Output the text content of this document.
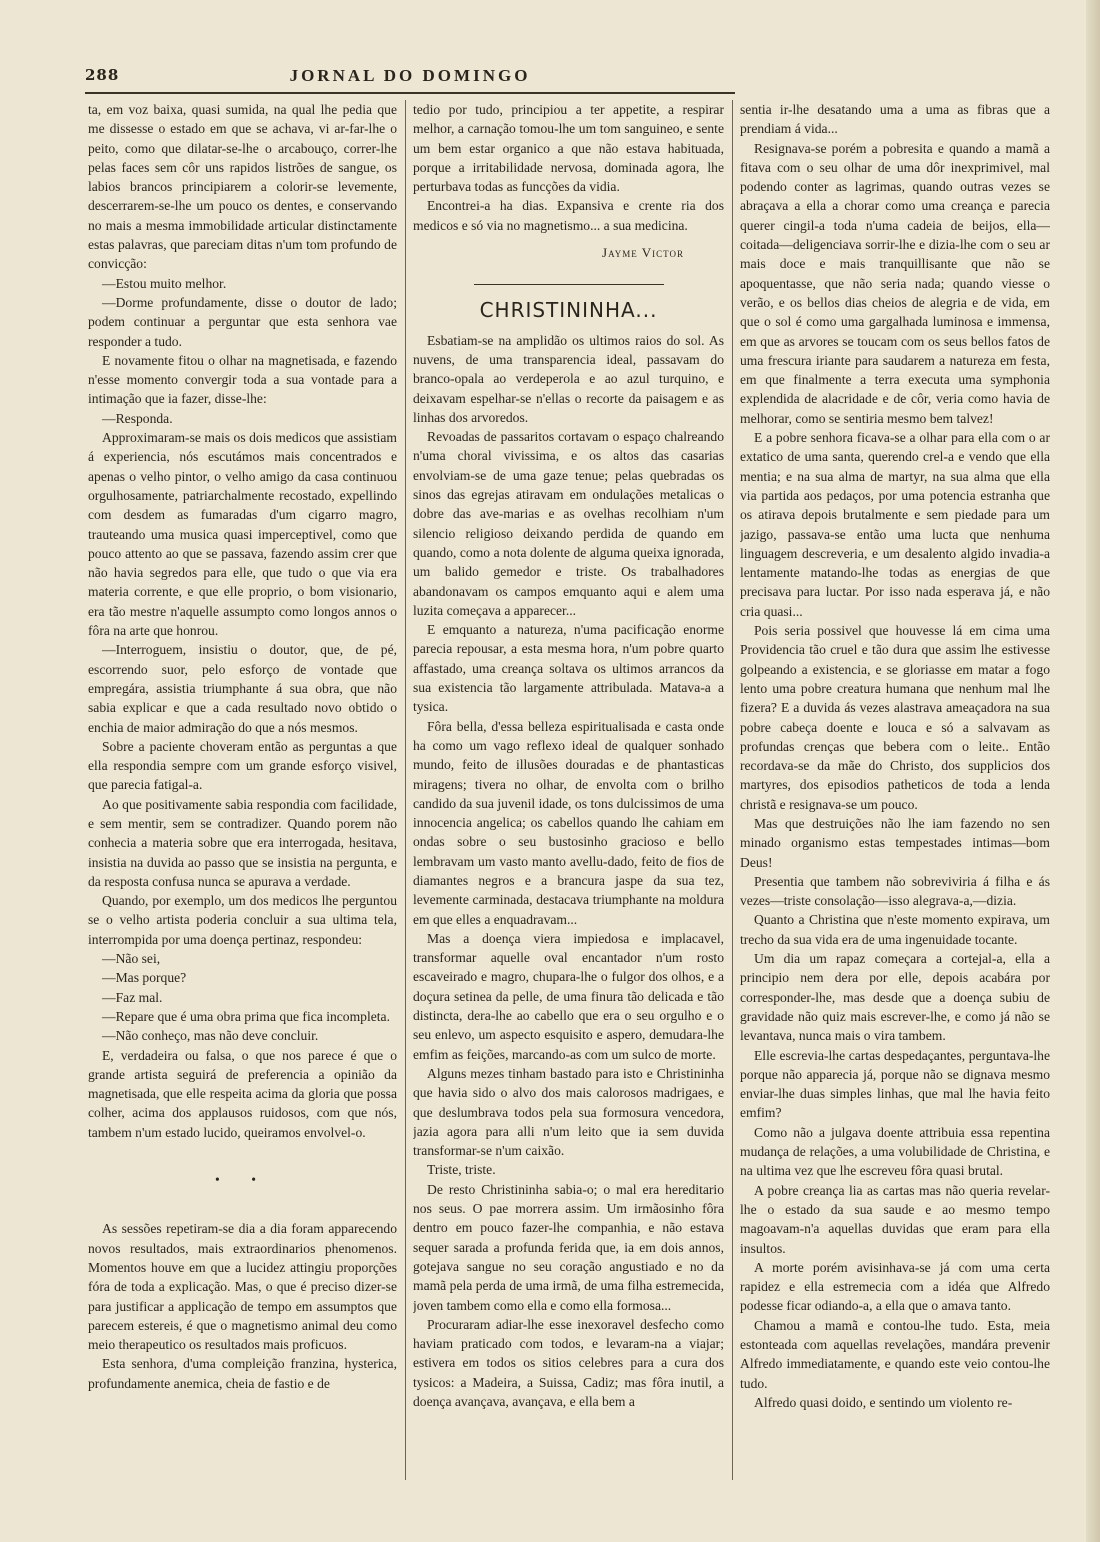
288	JORNAL DO DOMINGO

ta, em voz baixa, quasi sumida, na qual lhe pedia que me dissesse o estado em que se achava, vi ar-far-lhe o peito, como que dilatar-se-lhe o arcabouço, correr-lhe pelas faces sem côr uns rapidos listrões de sangue, os labios brancos principiarem a colorir-se levemente, descerrarem-se-lhe um pouco os dentes, e conservando no mais a mesma immobilidade articular distinctamente estas palavras, que pareciam ditas n'um tom profundo de convicção:

—Estou muito melhor.

—Dorme profundamente, disse o doutor de lado; podem continuar a perguntar que esta senhora vae responder a tudo.

E novamente fitou o olhar na magnetisada, e fazendo n'esse momento convergir toda a sua vontade para a intimação que ia fazer, disse-lhe:

—Responda.

Approximaram-se mais os dois medicos que assistiam á experiencia, nós escutámos mais concentrados e apenas o velho pintor, o velho amigo da casa continuou orgulhosamente, patriarchalmente recostado, expellindo com desdem as fumaradas d'um cigarro magro, trauteando uma musica quasi imperceptivel, como que pouco attento ao que se passava, fazendo assim crer que não havia segredos para elle, que tudo o que via era materia corrente, e que elle proprio, o bom visionario, era tão mestre n'aquelle assumpto como longos annos o fôra na arte que honrou.

—Interroguem, insistiu o doutor, que, de pé, escorrendo suor, pelo esforço de vontade que empregára, assistia triumphante á sua obra, que não sabia explicar e que a cada resultado novo obtido o enchia de maior admiração do que a nós mesmos.

Sobre a paciente choveram então as perguntas a que ella respondia sempre com um grande esforço visivel, que parecia fatigal-a.

Ao que positivamente sabia respondia com facilidade, e sem mentir, sem se contradizer. Quando porem não conhecia a materia sobre que era interrogada, hesitava, insistia na duvida ao passo que se insistia na pergunta, e da resposta confusa nunca se apurava a verdade.

Quando, por exemplo, um dos medicos lhe perguntou se o velho artista poderia concluir a sua ultima tela, interrompida por uma doença pertinaz, respondeu:

—Não sei,

—Mas porque?

—Faz mal.

—Repare que é uma obra prima que fica incompleta.

—Não conheço, mas não deve concluir.

E, verdadeira ou falsa, o que nos parece é que o grande artista seguirá de preferencia a opinião da magnetisada, que elle respeita acima da gloria que possa colher, acima dos applausos ruidosos, com que nós, tambem n'um estado lucido, queiramos envolvel-o.

• •

As sessões repetiram-se dia a dia foram apparecendo novos resultados, mais extraordinarios phenomenos. Momentos houve em que a lucidez attingiu proporções fóra de toda a explicação. Mas, o que é preciso dizer-se para justificar a applicação de tempo em assumptos que parecem estereis, é que o magnetismo animal deu como meio therapeutico os resultados mais proficuos.

Esta senhora, d'uma compleição franzina, hysterica, profundamente anemica, cheia de fastio e de

tedio por tudo, principiou a ter appetite, a respirar melhor, a carnação tomou-lhe um tom sanguineo, e sente um bem estar organico a que não estava habituada, porque a irritabilidade nervosa, dominada agora, lhe perturbava todas as funcções da vidia.

Encontrei-a ha dias. Expansiva e crente ria dos medicos e só via no magnetismo... a sua medicina.

Jayme Victor
CHRISTININHA...

Esbatiam-se na amplidão os ultimos raios do sol. As nuvens, de uma transparencia ideal, passavam do branco-opala ao verdeperola e ao azul turquino, e deixavam espelhar-se n'ellas o recorte da paisagem e as linhas dos arvoredos.

Revoadas de passaritos cortavam o espaço chalreando n'uma choral vivissima, e os altos das casarias envolviam-se de uma gaze tenue; pelas quebradas os sinos das egrejas atiravam em ondulações metalicas o dobre das ave-marias e as ovelhas recolhiam n'um silencio religioso deixando perdida de quando em quando, como a nota dolente de alguma queixa ignorada, um balido gemedor e triste. Os trabalhadores abandonavam os campos emquanto aqui e alem uma luzita começava a apparecer...

E emquanto a natureza, n'uma pacificação enorme parecia repousar, a esta mesma hora, n'um pobre quarto affastado, uma creança soltava os ultimos arrancos da sua existencia tão largamente attribulada. Matava-a a tysica.

Fôra bella, d'essa belleza espiritualisada e casta onde ha como um vago reflexo ideal de qualquer sonhado mundo, feito de illusões douradas e de phantasticas miragens; tivera no olhar, de envolta com o brilho candido da sua juvenil idade, os tons dulcissimos de uma innocencia angelica; os cabellos quando lhe cahiam em ondas sobre o seu bustosinho gracioso e bello lembravam um vasto manto avellu-dado, feito de fios de diamantes negros e a brancura jaspe da sua tez, levemente carminada, destacava triumphante na moldura em que elles a enquadravam...

Mas a doença viera impiedosa e implacavel, transformar aquelle oval encantador n'um rosto escaveirado e magro, chupara-lhe o fulgor dos olhos, e a doçura setinea da pelle, de uma finura tão delicada e tão distincta, dera-lhe ao cabello que era o seu orgulho e o seu enlevo, um aspecto esquisito e aspero, demudara-lhe emfim as feições, marcando-as com um sulco de morte.

Alguns mezes tinham bastado para isto e Christininha que havia sido o alvo dos mais calorosos madrigaes, e que deslumbrava todos pela sua formosura vencedora, jazia agora para alli n'um leito que ia sem duvida transformar-se n'um caixão.

Triste, triste.

De resto Christininha sabia-o; o mal era hereditario nos seus. O pae morrera assim. Um irmãosinho fôra dentro em pouco fazer-lhe companhia, e não estava sequer sarada a profunda ferida que, ia em dois annos, gotejava sangue no seu coração angustiado e no da mamã pela perda de uma irmã, de uma filha estremecida, joven tambem como ella e como ella formosa...

Procuraram adiar-lhe esse inexoravel desfecho como haviam praticado com todos, e levaram-na a viajar; estivera em todos os sitios celebres para a cura dos tysicos: a Madeira, a Suissa, Cadiz; mas fôra inutil, a doença avançava, avançava, e ella bem a

sentia ir-lhe desatando uma a uma as fibras que a prendiam á vida...

Resignava-se porém a pobresita e quando a mamã a fitava com o seu olhar de uma dôr inexprimivel, mal podendo conter as lagrimas, quando outras vezes se abraçava a ella a chorar como uma creança e parecia querer cingil-a toda n'uma cadeia de beijos, ella—coitada—deligenciava sorrir-lhe e dizia-lhe com o seu ar mais doce e mais tranquillisante que não se apoquentasse, que não seria nada; quando viesse o verão, e os bellos dias cheios de alegria e de vida, em que o sol é como uma gargalhada luminosa e immensa, em que as arvores se toucam com os seus bellos fatos de uma frescura iriante para saudarem a natureza em festa, em que finalmente a terra executa uma symphonia explendida de alacridade e de côr, veria como havia de melhorar, como se sentiria mesmo bem talvez!

E a pobre senhora ficava-se a olhar para ella com o ar extatico de uma santa, querendo crel-a e vendo que ella mentia; e na sua alma de martyr, na sua alma que ella via partida aos pedaços, por uma potencia estranha que os atirava depois brutalmente e sem piedade para um jazigo, passava-se então uma lucta que nenhuma linguagem descreveria, e um desalento algido invadia-a lentamente matando-lhe todas as energias de que precisava para luctar. Por isso nada esperava já, e não cria quasi...

Pois seria possivel que houvesse lá em cima uma Providencia tão cruel e tão dura que assim lhe estivesse golpeando a existencia, e se gloriasse em matar a fogo lento uma pobre creatura humana que nenhum mal lhe fizera? E a duvida ás vezes alastrava ameaçadora na sua pobre cabeça doente e louca e só a salvavam as profundas crenças que bebera com o leite.. Então recordava-se da mãe do Christo, dos supplicios dos martyres, dos episodios patheticos de toda a lenda christã e resignava-se um pouco.

Mas que destruições não lhe iam fazendo no sen minado organismo estas tempestades intimas—bom Deus!

Presentia que tambem não sobreviviria á filha e ás vezes—triste consolação—isso alegrava-a,—dizia.

Quanto a Christina que n'este momento expirava, um trecho da sua vida era de uma ingenuidade tocante.

Um dia um rapaz começara a cortejal-a, ella a principio nem dera por elle, depois acabára por corresponder-lhe, mas desde que a doença subiu de gravidade não quiz mais escrever-lhe, e como já não se levantava, nunca mais o vira tambem.

Elle escrevia-lhe cartas despedaçantes, perguntava-lhe porque não apparecia já, porque não se dignava mesmo enviar-lhe duas simples linhas, que mal lhe havia feito emfim?

Como não a julgava doente attribuia essa repentina mudança de relações, a uma volubilidade de Christina, e na ultima vez que lhe escreveu fôra quasi brutal.

A pobre creança lia as cartas mas não queria revelar-lhe o estado da sua saude e ao mesmo tempo magoavam-n'a aquellas duvidas que eram para ella insultos.

A morte porém avisinhava-se já com uma certa rapidez e ella estremecia com a idéa que Alfredo podesse ficar odiando-a, a ella que o amava tanto.

Chamou a mamã e contou-lhe tudo. Esta, meia estonteada com aquellas revelações, mandára prevenir Alfredo immediatamente, e quando este veio contou-lhe tudo.

Alfredo quasi doido, e sentindo um violento re-
